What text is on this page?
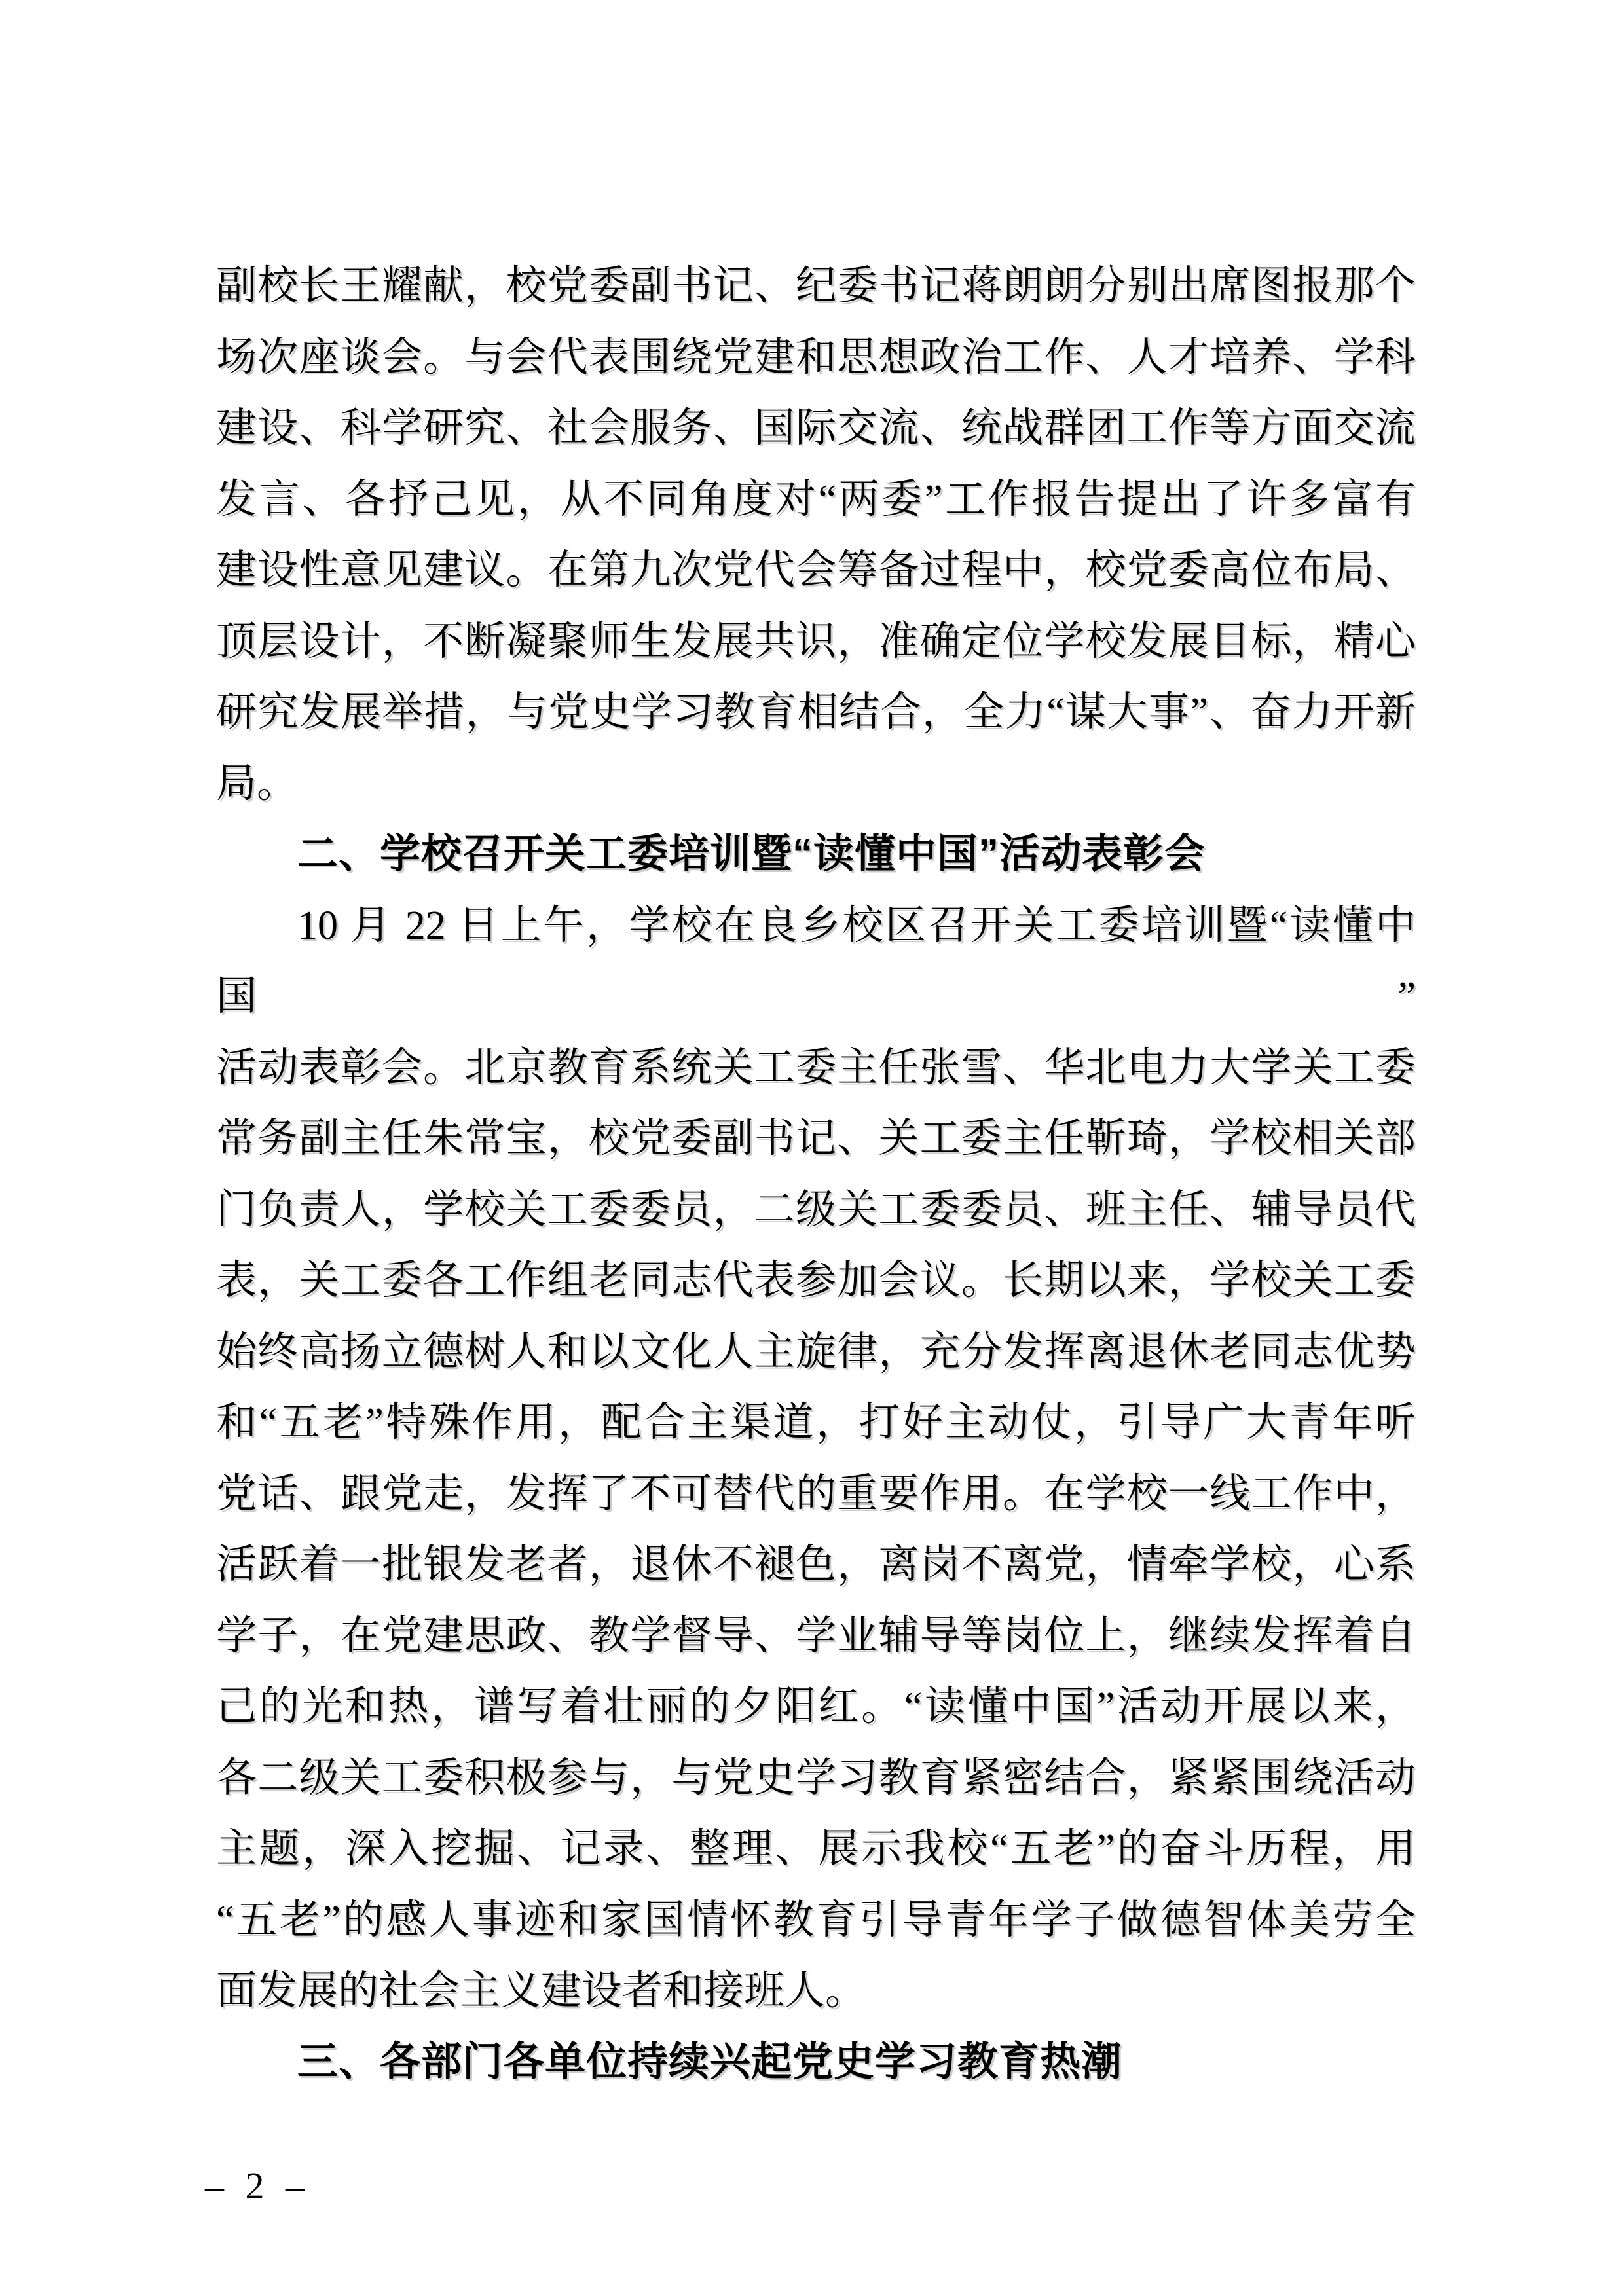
副校长王耀献，校党委副书记、纪委书记蒋朗朗分别出席图报那个
场次座谈会。与会代表围绕党建和思想政治工作、人才培养、学科
建设、科学研究、社会服务、国际交流、统战群团工作等方面交流
发言、各抒己见，从不同角度对“两委”工作报告提出了许多富有
建设性意见建议。在第九次党代会筹备过程中，校党委高位布局、
顶层设计，不断凝聚师生发展共识，准确定位学校发展目标，精心
研究发展举措，与党史学习教育相结合，全力“谋大事”、奋力开新
局。
二、学校召开关工委培训暨“读懂中国”活动表彰会
10 月 22 日上午，学校在良乡校区召开关工委培训暨“读懂中国”
活动表彰会。北京教育系统关工委主任张雪、华北电力大学关工委
常务副主任朱常宝，校党委副书记、关工委主任靳琦，学校相关部
门负责人，学校关工委委员，二级关工委委员、班主任、辅导员代
表，关工委各工作组老同志代表参加会议。长期以来，学校关工委
始终高扬立德树人和以文化人主旋律，充分发挥离退休老同志优势
和“五老”特殊作用，配合主渠道，打好主动仗，引导广大青年听
党话、跟党走，发挥了不可替代的重要作用。在学校一线工作中，
活跃着一批银发老者，退休不褪色，离岗不离党，情牵学校，心系
学子，在党建思政、教学督导、学业辅导等岗位上，继续发挥着自
己的光和热，谱写着壮丽的夕阳红。“读懂中国”活动开展以来，
各二级关工委积极参与，与党史学习教育紧密结合，紧紧围绕活动
主题，深入挖掘、记录、整理、展示我校“五老”的奋斗历程，用
“五老”的感人事迹和家国情怀教育引导青年学子做德智体美劳全
面发展的社会主义建设者和接班人。
三、各部门各单位持续兴起党史学习教育热潮
– 2 –
